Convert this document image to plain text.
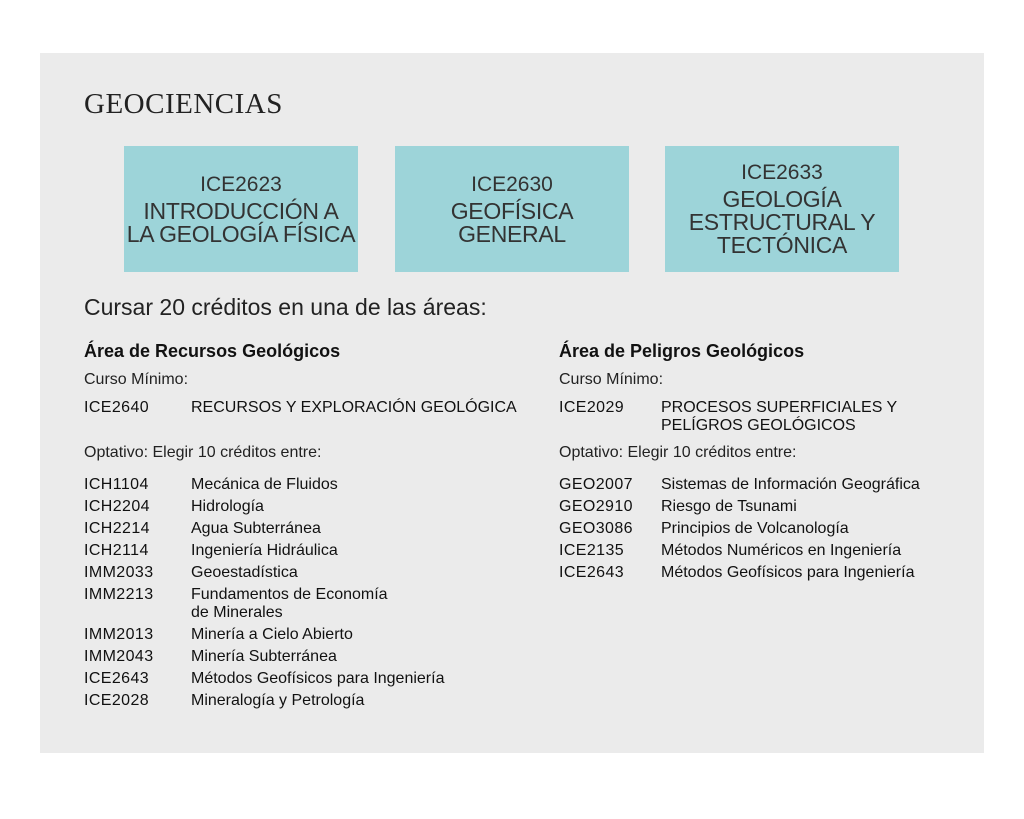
GEOCIENCIAS
ICE2623
INTRODUCCIÓN A
LA GEOLOGÍA FÍSICA
ICE2630
GEOFÍSICA
GENERAL
ICE2633
GEOLOGÍA
ESTRUCTURAL Y
TECTÓNICA
Cursar 20 créditos en una de las áreas:
Área de Recursos Geológicos
Curso Mínimo:
ICE2640	RECURSOS Y EXPLORACIÓN GEOLÓGICA
Optativo: Elegir 10 créditos entre:
ICH1104	Mecánica de Fluidos
ICH2204	Hidrología
ICH2214	Agua Subterránea
ICH2114	Ingeniería Hidráulica
IMM2033	Geoestadística
IMM2213	Fundamentos de Economía
de Minerales
IMM2013	Minería a Cielo Abierto
IMM2043	Minería Subterránea
ICE2643	Métodos Geofísicos para Ingeniería
ICE2028	Mineralogía y Petrología
Área de Peligros Geológicos
Curso Mínimo:
ICE2029	PROCESOS SUPERFICIALES Y
PELÍGROS GEOLÓGICOS
Optativo: Elegir 10 créditos entre:
GEO2007	Sistemas de Información Geográfica
GEO2910	Riesgo de Tsunami
GEO3086	Principios de Volcanología
ICE2135	Métodos Numéricos en Ingeniería
ICE2643	Métodos Geofísicos para Ingeniería
